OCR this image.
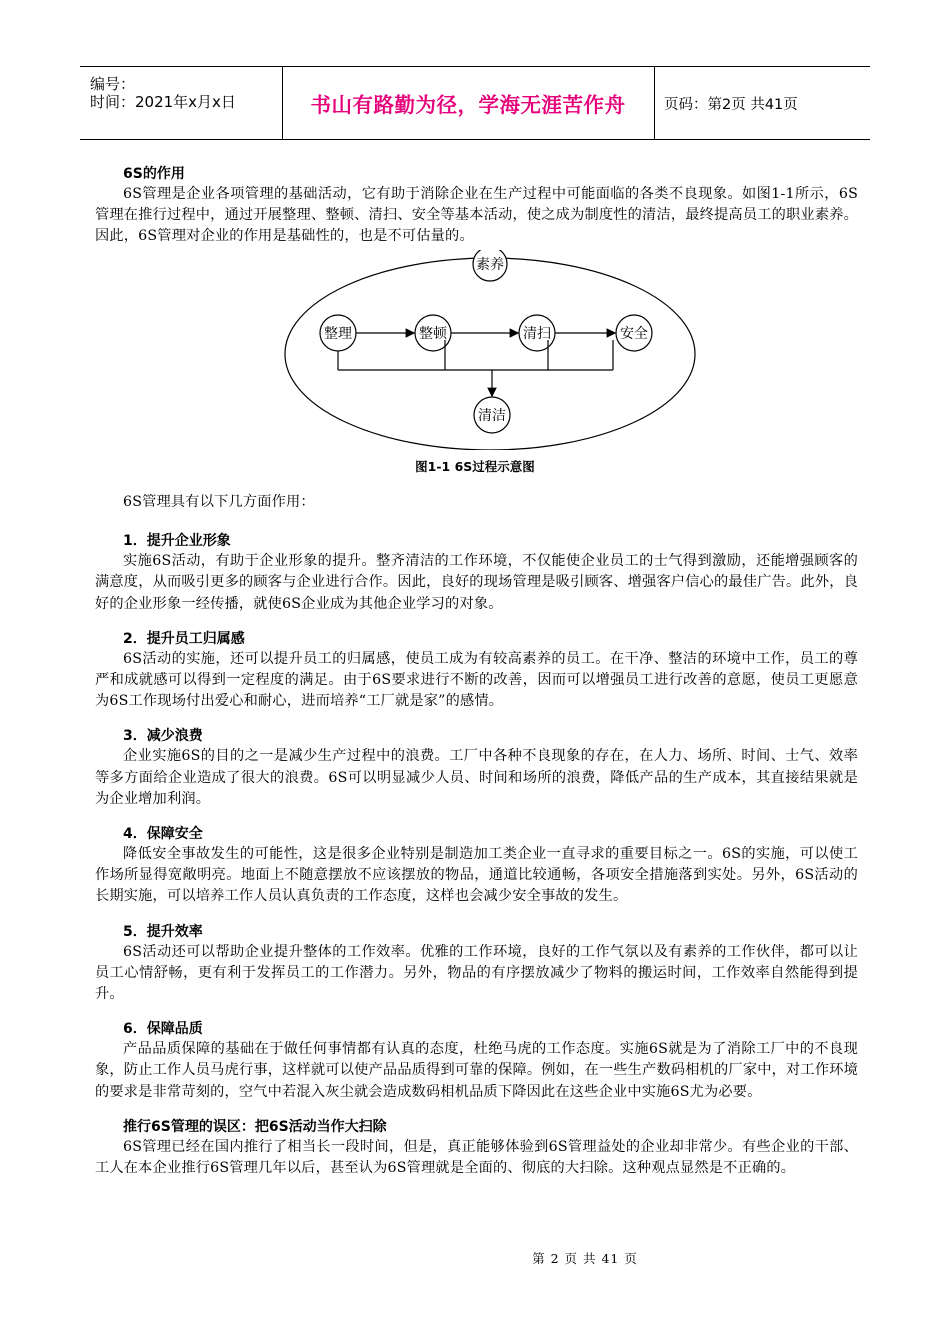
编号：
时间：2021年x月x日	书山有路勤为径，学海无涯苦作舟	页码：第2页 共41页
6S的作用
6S管理是企业各项管理的基础活动，它有助于消除企业在生产过程中可能面临的各类不良现象。如图1-1所示，6S管理在推行过程中，通过开展整理、整顿、清扫、安全等基本活动，使之成为制度性的清洁，最终提高员工的职业素养。因此，6S管理对企业的作用是基础性的，也是不可估量的。
素养
整理	整顿	清扫	安全
清洁
图1-1 6S过程示意图
6S管理具有以下几方面作用：
1．提升企业形象
实施6S活动，有助于企业形象的提升。整齐清洁的工作环境，不仅能使企业员工的士气得到激励，还能增强顾客的满意度，从而吸引更多的顾客与企业进行合作。因此，良好的现场管理是吸引顾客、增强客户信心的最佳广告。此外，良好的企业形象一经传播，就使6S企业成为其他企业学习的对象。
2．提升员工归属感
6S活动的实施，还可以提升员工的归属感，使员工成为有较高素养的员工。在干净、整洁的环境中工作，员工的尊严和成就感可以得到一定程度的满足。由于6S要求进行不断的改善，因而可以增强员工进行改善的意愿，使员工更愿意为6S工作现场付出爱心和耐心，进而培养“工厂就是家”的感情。
3．减少浪费
企业实施6S的目的之一是减少生产过程中的浪费。工厂中各种不良现象的存在，在人力、场所、时间、士气、效率等多方面给企业造成了很大的浪费。6S可以明显减少人员、时间和场所的浪费，降低产品的生产成本，其直接结果就是为企业增加利润。
4．保障安全
降低安全事故发生的可能性，这是很多企业特别是制造加工类企业一直寻求的重要目标之一。6S的实施，可以使工作场所显得宽敞明亮。地面上不随意摆放不应该摆放的物品，通道比较通畅，各项安全措施落到实处。另外，6S活动的长期实施，可以培养工作人员认真负责的工作态度，这样也会减少安全事故的发生。
5．提升效率
6S活动还可以帮助企业提升整体的工作效率。优雅的工作环境，良好的工作气氛以及有素养的工作伙伴，都可以让员工心情舒畅，更有利于发挥员工的工作潜力。另外，物品的有序摆放减少了物料的搬运时间，工作效率自然能得到提升。
6．保障品质
产品品质保障的基础在于做任何事情都有认真的态度，杜绝马虎的工作态度。实施6S就是为了消除工厂中的不良现象，防止工作人员马虎行事，这样就可以使产品品质得到可靠的保障。例如，在一些生产数码相机的厂家中，对工作环境的要求是非常苛刻的，空气中若混入灰尘就会造成数码相机品质下降因此在这些企业中实施6S尤为必要。
推行6S管理的误区：把6S活动当作大扫除
6S管理已经在国内推行了相当长一段时间，但是，真正能够体验到6S管理益处的企业却非常少。有些企业的干部、工人在本企业推行6S管理几年以后，甚至认为6S管理就是全面的、彻底的大扫除。这种观点显然是不正确的。
第 2 页 共 41 页
